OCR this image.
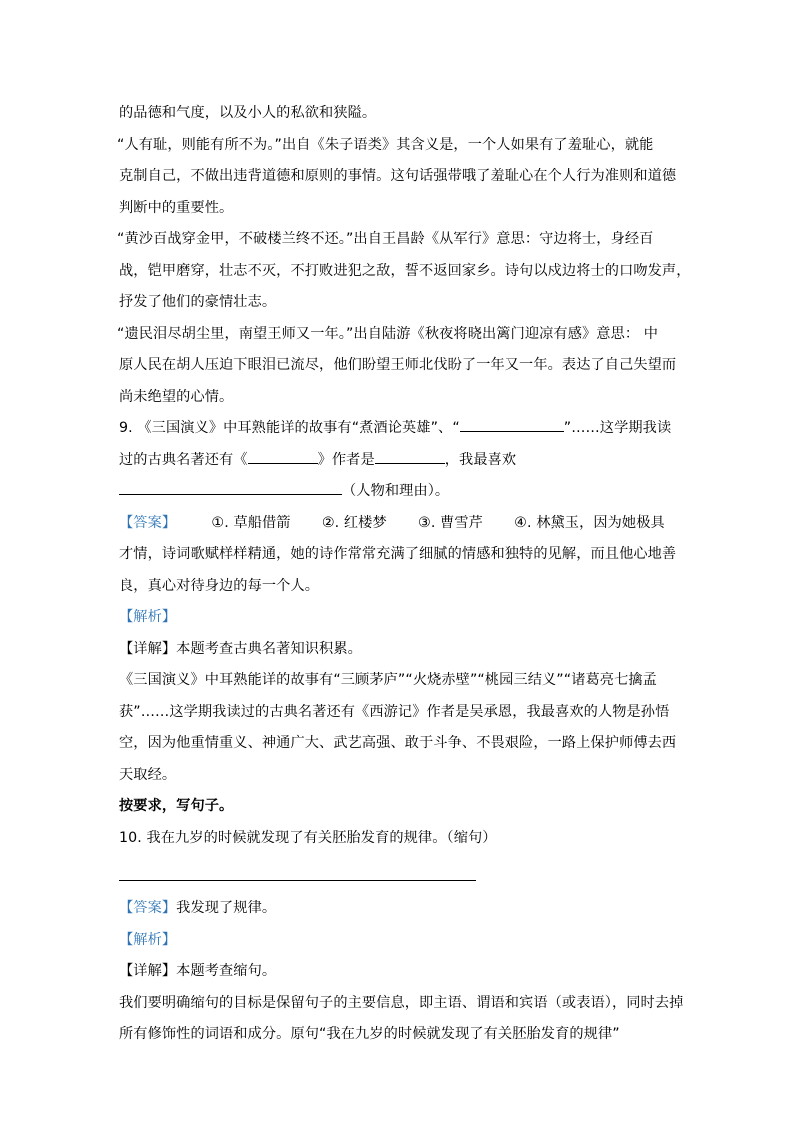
的品德和气度，以及小人的私欲和狭隘。

“人有耻，则能有所不为。”出自《朱子语类》其含义是，一个人如果有了羞耻心，就能

克制自己，不做出违背道德和原则的事情。这句话强带哦了羞耻心在个人行为准则和道德

判断中的重要性。

“黄沙百战穿金甲，不破楼兰终不还。”出自王昌龄《从军行》意思：守边将士，身经百

战，铠甲磨穿，壮志不灭，不打败进犯之敌，誓不返回家乡。诗句以戍边将士的口吻发声，

抒发了他们的豪情壮志。

“遗民泪尽胡尘里，南望王师又一年。”出自陆游《秋夜将晓出篱门迎凉有感》意思： 中

原人民在胡人压迫下眼泪已流尽，他们盼望王师北伐盼了一年又一年。表达了自己失望而

尚未绝望的心情。

9. 《三国演义》中耳熟能详的故事有“煮酒论英雄”、“	”……这学期我读

过的古典名著还有《	》作者是	，我最喜欢

（人物和理由）。

【答案】 ①. 草船借箭 ②. 红楼梦 ③. 曹雪芹 ④. 林黛玉，因为她极具

才情，诗词歌赋样样精通，她的诗作常常充满了细腻的情感和独特的见解，而且他心地善

良，真心对待身边的每一个人。

【解析】

【详解】本题考查古典名著知识积累。

《三国演义》中耳熟能详的故事有“三顾茅庐”“火烧赤壁”“桃园三结义”“诸葛亮七擒孟

获”……这学期我读过的古典名著还有《西游记》作者是吴承恩，我最喜欢的人物是孙悟

空，因为他重情重义、神通广大、武艺高强、敢于斗争、不畏艰险，一路上保护师傅去西

天取经。

按要求，写句子。

10. 我在九岁的时候就发现了有关胚胎发育的规律。（缩句）

【答案】我发现了规律。

【解析】

【详解】本题考查缩句。

我们要明确缩句的目标是保留句子的主要信息，即主语、谓语和宾语（或表语），同时去掉

所有修饰性的词语和成分。原句“我在九岁的时候就发现了有关胚胎发育的规律”
